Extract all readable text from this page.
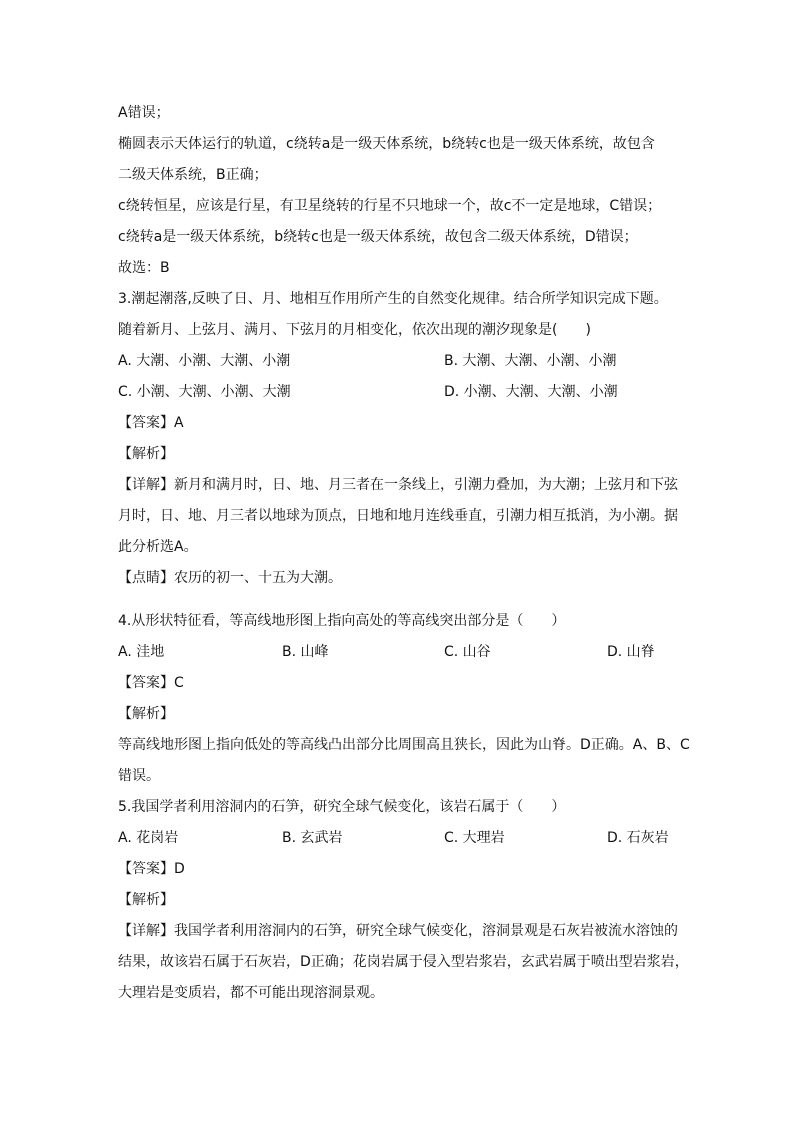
A错误；
椭圆表示天体运行的轨道，c绕转a是一级天体系统，b绕转c也是一级天体系统，故包含
二级天体系统，B正确；
c绕转恒星，应该是行星，有卫星绕转的行星不只地球一个，故c不一定是地球，C错误；
c绕转a是一级天体系统，b绕转c也是一级天体系统，故包含二级天体系统，D错误；
故选：B
3.潮起潮落,反映了日、月、地相互作用所产生的自然变化规律。结合所学知识完成下题。
随着新月、上弦月、满月、下弦月的月相变化，依次出现的潮汐现象是(　　)
A. 大潮、小潮、大潮、小潮	B. 大潮、大潮、小潮、小潮
C. 小潮、大潮、小潮、大潮	D. 小潮、大潮、大潮、小潮
【答案】A
【解析】
【详解】新月和满月时，日、地、月三者在一条线上，引潮力叠加，为大潮；上弦月和下弦
月时，日、地、月三者以地球为顶点，日地和地月连线垂直，引潮力相互抵消，为小潮。据
此分析选A。
【点睛】农历的初一、十五为大潮。
4.从形状特征看，等高线地形图上指向高处的等高线突出部分是（　　）
A. 洼地	B. 山峰	C. 山谷	D. 山脊
【答案】C
【解析】
等高线地形图上指向低处的等高线凸出部分比周围高且狭长，因此为山脊。D正确。A、B、C
错误。
5.我国学者利用溶洞内的石笋，研究全球气候变化，该岩石属于（　　）
A. 花岗岩	B. 玄武岩	C. 大理岩	D. 石灰岩
【答案】D
【解析】
【详解】我国学者利用溶洞内的石笋，研究全球气候变化，溶洞景观是石灰岩被流水溶蚀的
结果，故该岩石属于石灰岩，D正确；花岗岩属于侵入型岩浆岩，玄武岩属于喷出型岩浆岩，
大理岩是变质岩，都不可能出现溶洞景观。
